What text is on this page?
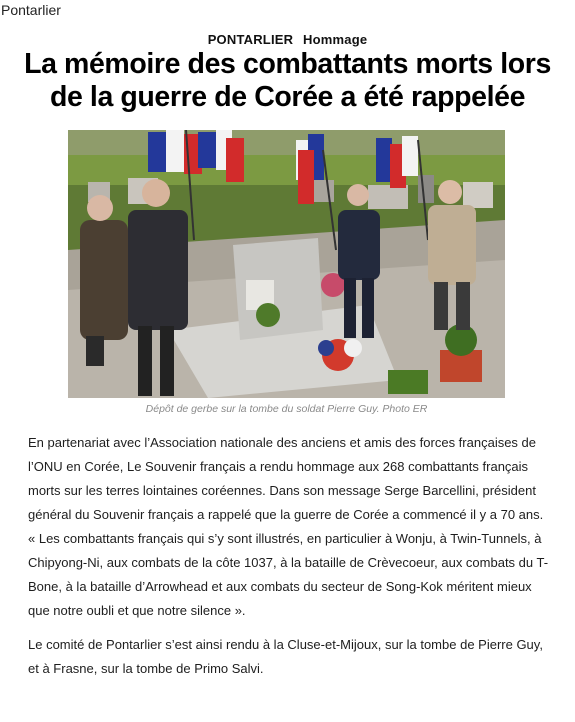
Pontarlier
PONTARLIER Hommage
La mémoire des combattants morts lors de la guerre de Corée a été rappelée
Dépôt de gerbe sur la tombe du soldat Pierre Guy. Photo ER

En partenariat avec l’Association nationale des anciens et amis des forces françaises de l’ONU en Corée, Le Souvenir français a rendu hommage aux 268 combattants français morts sur les terres lointaines coréennes. Dans son message Serge Barcellini, président général du Souvenir français a rappelé que la guerre de Corée a commencé il y a 70 ans. « Les combattants français qui s’y sont illustrés, en particulier à Wonju, à Twin-Tunnels, à Chipyong-Ni, aux combats de la côte 1037, à la bataille de Crèvecoeur, aux combats du T-Bone, à la bataille d’Arrowhead et aux combats du secteur de Song-Kok méritent mieux que notre oubli et que notre silence ».

Le comité de Pontarlier s’est ainsi rendu à la Cluse-et-Mijoux, sur la tombe de Pierre Guy, et à Frasne, sur la tombe de Primo Salvi.
